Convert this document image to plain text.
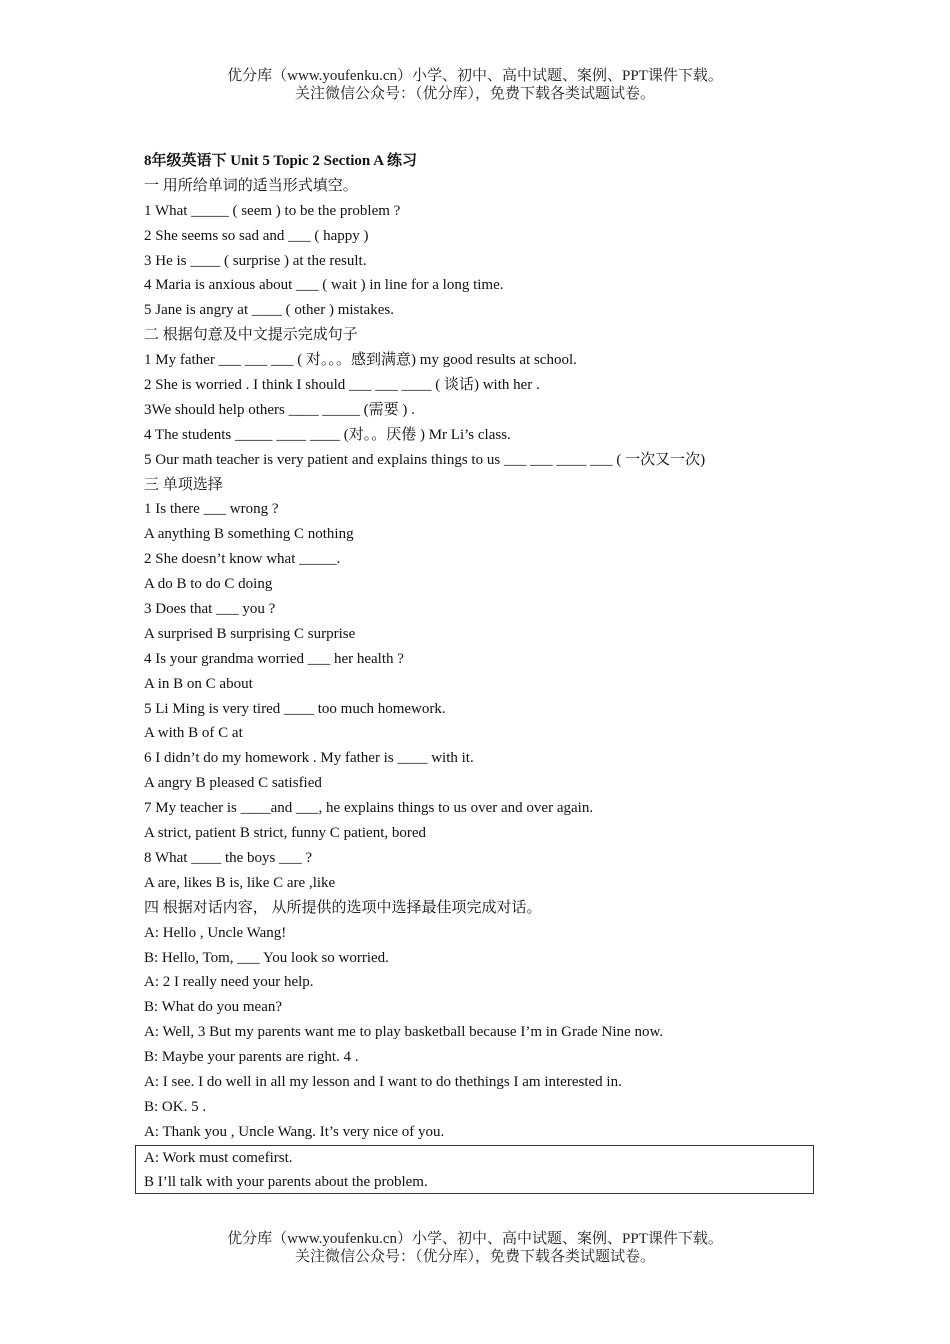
优分库（www.youfenku.cn）小学、初中、高中试题、案例、PPT课件下载。
关注微信公众号：（优分库），免费下载各类试题试卷。
8年级英语下 Unit 5 Topic 2 Section A 练习
一 用所给单词的适当形式填空。
1 What _____ ( seem ) to be the problem ?
2 She seems so sad and ___ ( happy )
3 He is ____ ( surprise ) at the result.
4 Maria is anxious about ___ ( wait ) in line for a long time.
5 Jane is angry at ____ ( other ) mistakes.
二 根据句意及中文提示完成句子
1 My father ___ ___ ___ ( 对。。。感到满意) my good results at school.
2 She is worried . I think I should ___ ___ ____ ( 谈话) with her .
3We should help others ____ _____ (需要 ) .
4 The students _____ ____ ____ (对。。厌倦 ) Mr Li’s class.
5 Our math teacher is very patient and explains things to us ___ ___ ____ ___ ( 一次又一次)
三 单项选择
1 Is there ___ wrong ?
A anything B something C nothing
2 She doesn’t know what _____.
A do B to do C doing
3 Does that ___ you ?
A surprised B surprising C surprise
4 Is your grandma worried ___ her health ?
A in B on C about
5 Li Ming is very tired ____ too much homework.
A with B of C at
6 I didn’t do my homework . My father is ____ with it.
A angry B pleased C satisfied
7 My teacher is ____and ___, he explains things to us over and over again.
A strict, patient B strict, funny C patient, bored
8 What ____ the boys ___ ?
A are, likes B is, like C are ,like
四 根据对话内容， 从所提供的选项中选择最佳项完成对话。
A: Hello , Uncle Wang!
B: Hello, Tom, ___ You look so worried.
A: 2 I really need your help.
B: What do you mean?
A: Well, 3 But my parents want me to play basketball because I’m in Grade Nine now.
B: Maybe your parents are right. 4 .
A: I see. I do well in all my lesson and I want to do thethings I am interested in.
B: OK. 5 .
A: Thank you , Uncle Wang. It’s very nice of you.
A: Work must comefirst.
B I’ll talk with your parents about the problem.
优分库（www.youfenku.cn）小学、初中、高中试题、案例、PPT课件下载。
关注微信公众号：（优分库），免费下载各类试题试卷。
